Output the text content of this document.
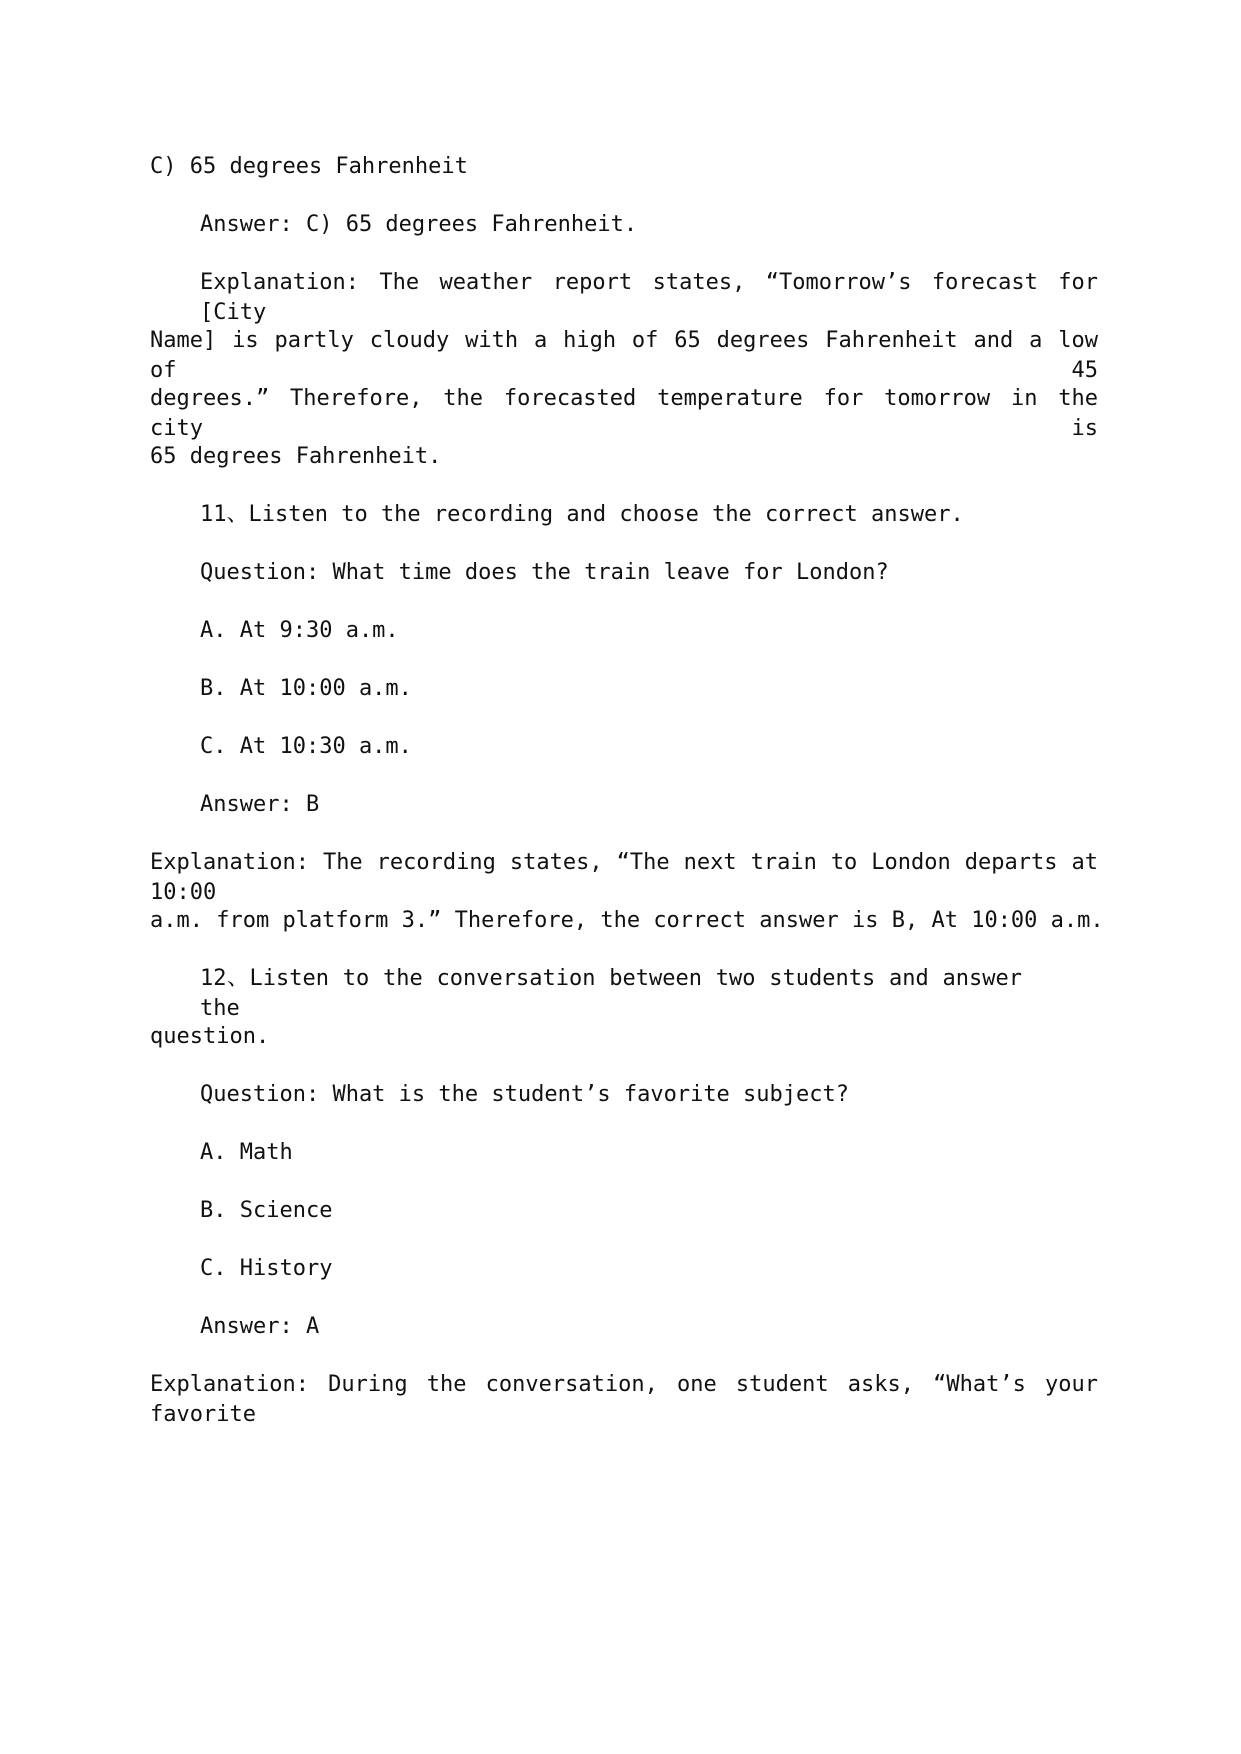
C) 65 degrees Fahrenheit
Answer: C) 65 degrees Fahrenheit.
Explanation: The weather report states, “Tomorrow’s forecast for [City
Name] is partly cloudy with a high of 65 degrees Fahrenheit and a low of 45
degrees.” Therefore, the forecasted temperature for tomorrow in the city is
65 degrees Fahrenheit.
11、Listen to the recording and choose the correct answer.
Question: What time does the train leave for London?
A. At 9:30 a.m.
B. At 10:00 a.m.
C. At 10:30 a.m.
Answer: B
Explanation: The recording states, “The next train to London departs at 10:00
a.m. from platform 3.” Therefore, the correct answer is B, At 10:00 a.m.
12、Listen to the conversation between two students and answer the
question.
Question: What is the student’s favorite subject?
A. Math
B. Science
C. History
Answer: A
Explanation: During the conversation, one student asks, “What’s your favorite
